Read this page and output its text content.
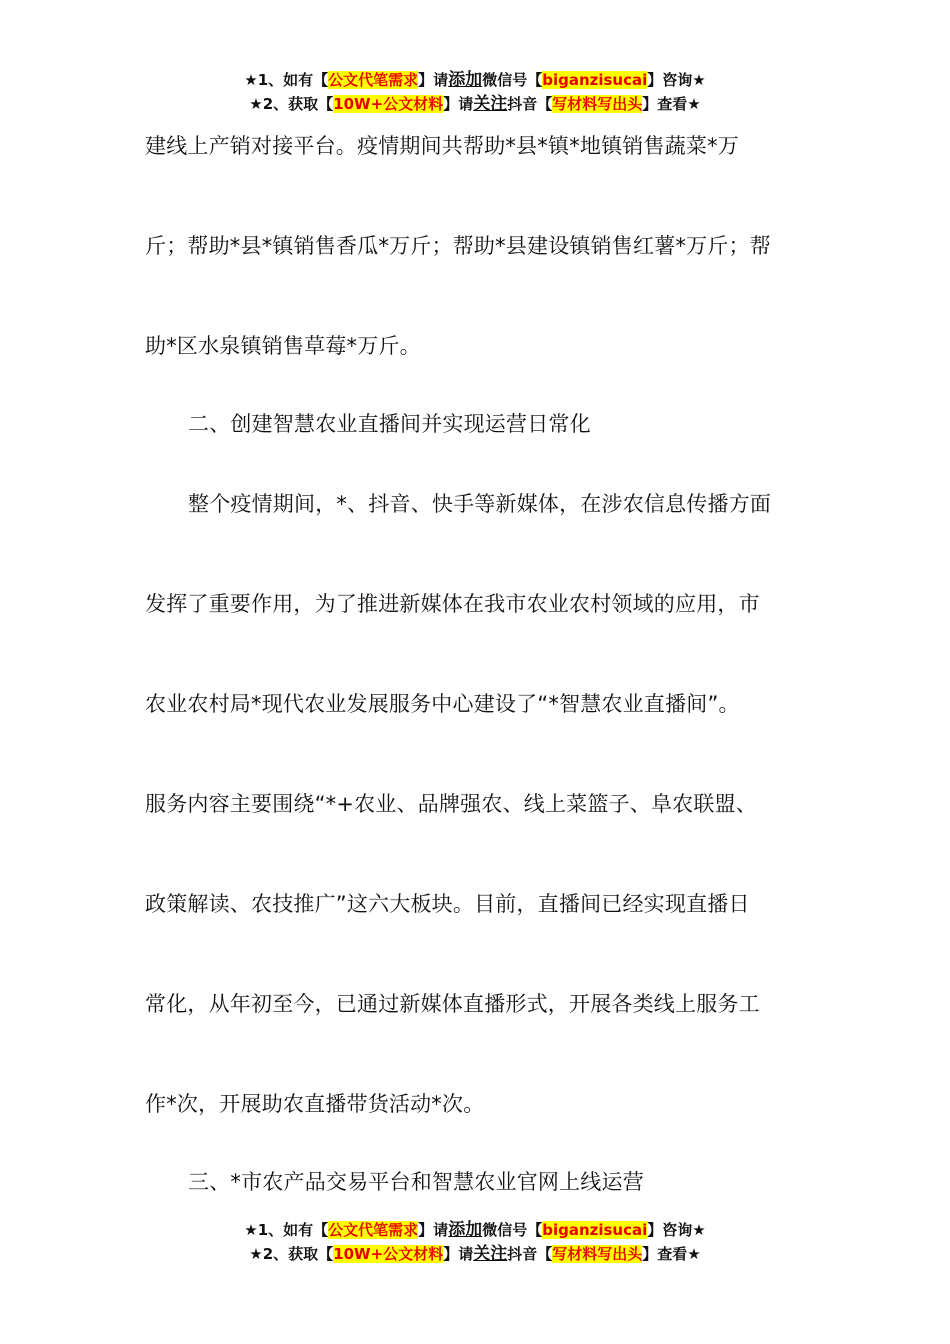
★1、如有【公文代笔需求】请添加微信号【biganzisucai】咨询★
★2、获取【10W+公文材料】请关注抖音【写材料写出头】查看★
建线上产销对接平台。疫情期间共帮助*县*镇*地镇销售蔬菜*万
斤；帮助*县*镇销售香瓜*万斤；帮助*县建设镇销售红薯*万斤；帮
助*区水泉镇销售草莓*万斤。
二、创建智慧农业直播间并实现运营日常化
整个疫情期间，*、抖音、快手等新媒体，在涉农信息传播方面
发挥了重要作用，为了推进新媒体在我市农业农村领域的应用，市
农业农村局*现代农业发展服务中心建设了“*智慧农业直播间”。
服务内容主要围绕“*+农业、品牌强农、线上菜篮子、阜农联盟、
政策解读、农技推广”这六大板块。目前，直播间已经实现直播日
常化，从年初至今，已通过新媒体直播形式，开展各类线上服务工
作*次，开展助农直播带货活动*次。
三、*市农产品交易平台和智慧农业官网上线运营
★1、如有【公文代笔需求】请添加微信号【biganzisucai】咨询★
★2、获取【10W+公文材料】请关注抖音【写材料写出头】查看★
